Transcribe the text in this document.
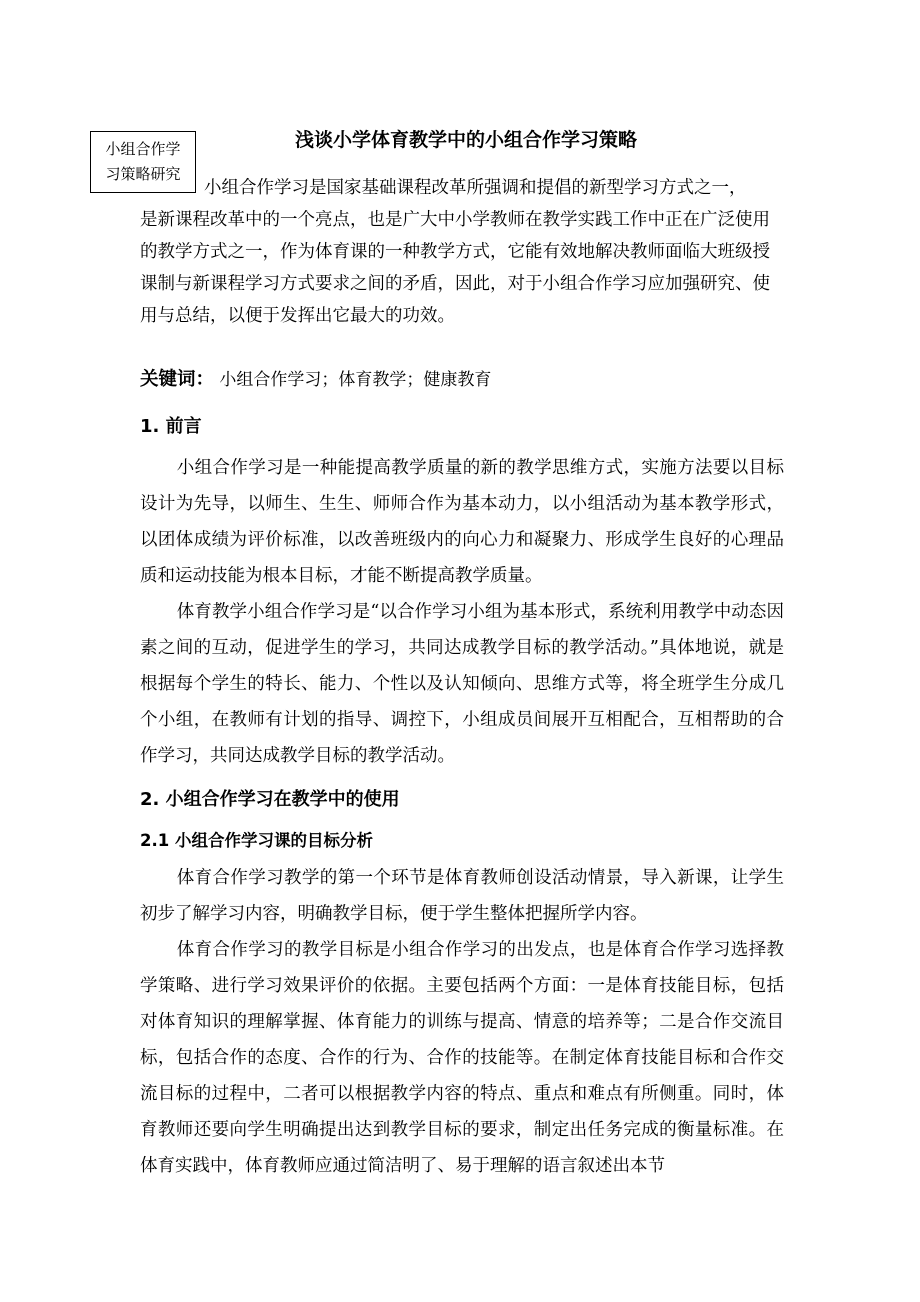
小组合作学
习策略研究
浅谈小学体育教学中的小组合作学习策略
小组合作学习是国家基础课程改革所强调和提倡的新型学习方式之一，
是新课程改革中的一个亮点，也是广大中小学教师在教学实践工作中正在广泛使用的教学方式之一，作为体育课的一种教学方式，它能有效地解决教师面临大班级授课制与新课程学习方式要求之间的矛盾，因此，对于小组合作学习应加强研究、使用与总结，以便于发挥出它最大的功效。
关键词： 小组合作学习；体育教学；健康教育
1. 前言
小组合作学习是一种能提高教学质量的新的教学思维方式，实施方法要以目标设计为先导，以师生、生生、师师合作为基本动力，以小组活动为基本教学形式，以团体成绩为评价标准，以改善班级内的向心力和凝聚力、形成学生良好的心理品质和运动技能为根本目标，才能不断提高教学质量。
体育教学小组合作学习是“以合作学习小组为基本形式，系统利用教学中动态因素之间的互动，促进学生的学习，共同达成教学目标的教学活动。”具体地说，就是根据每个学生的特长、能力、个性以及认知倾向、思维方式等，将全班学生分成几个小组，在教师有计划的指导、调控下，小组成员间展开互相配合，互相帮助的合作学习，共同达成教学目标的教学活动。
2. 小组合作学习在教学中的使用
2.1 小组合作学习课的目标分析
体育合作学习教学的第一个环节是体育教师创设活动情景，导入新课，让学生初步了解学习内容，明确教学目标，便于学生整体把握所学内容。
体育合作学习的教学目标是小组合作学习的出发点，也是体育合作学习选择教学策略、进行学习效果评价的依据。主要包括两个方面：一是体育技能目标，包括对体育知识的理解掌握、体育能力的训练与提高、情意的培养等；二是合作交流目标，包括合作的态度、合作的行为、合作的技能等。在制定体育技能目标和合作交流目标的过程中，二者可以根据教学内容的特点、重点和难点有所侧重。同时，体育教师还要向学生明确提出达到教学目标的要求，制定出任务完成的衡量标准。在体育实践中，体育教师应通过简洁明了、易于理解的语言叙述出本节
